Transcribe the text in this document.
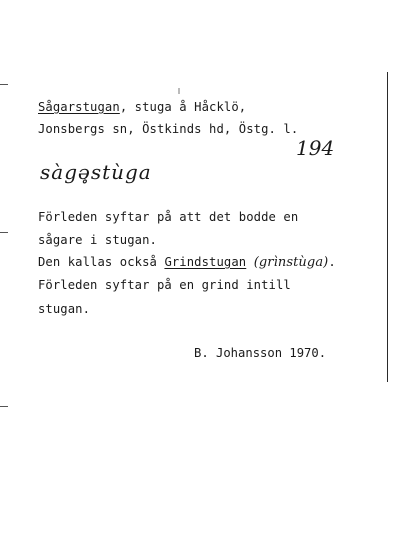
Sågarstugan, stuga å Håcklö,
Jonsbergs sn, Östkinds hd, Östg. l.
194
sàgə̥stùga
Förleden syftar på att det bodde en
sågare i stugan.
Den kallas också Grindstugan (grìnstùga).
Förleden syftar på en grind intill
stugan.
B. Johansson 1970.
